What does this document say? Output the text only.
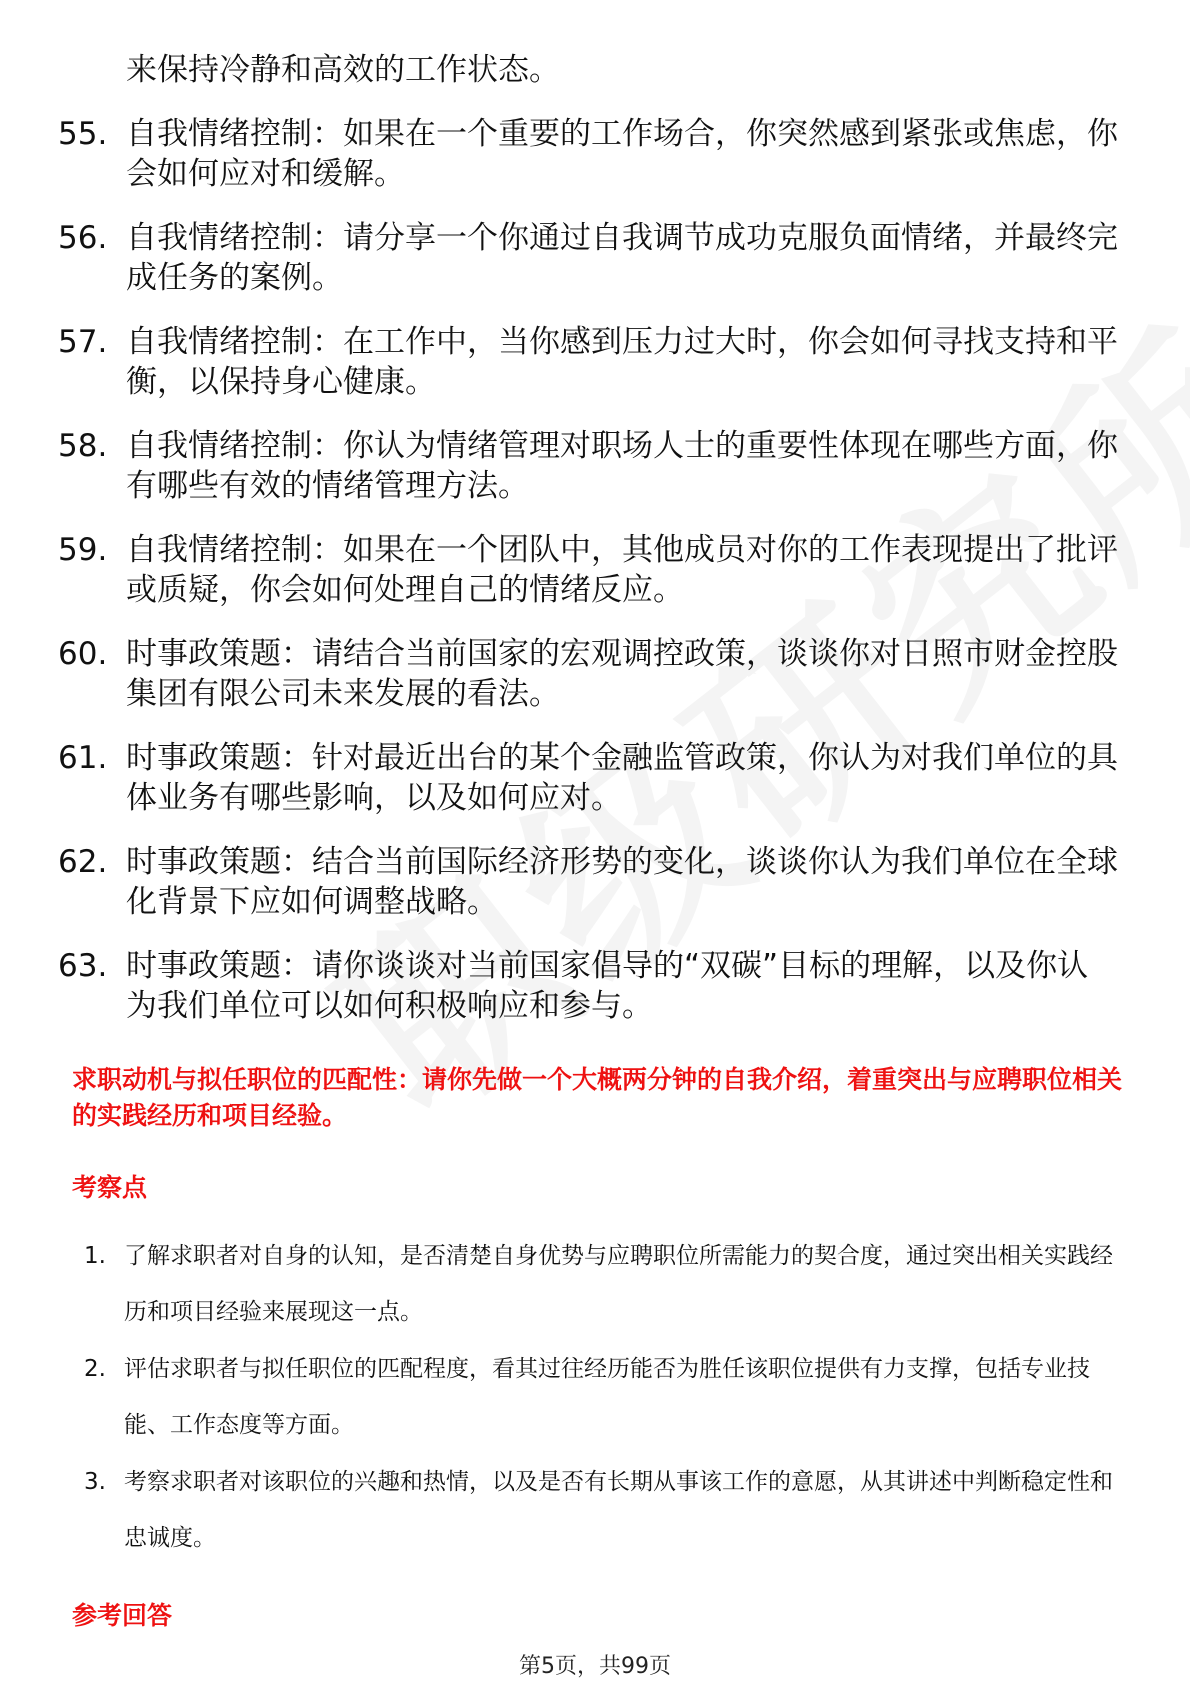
来保持冷静和高效的工作状态。
55. 自我情绪控制：如果在一个重要的工作场合，你突然感到紧张或焦虑，你会如何应对和缓解。
56. 自我情绪控制：请分享一个你通过自我调节成功克服负面情绪，并最终完成任务的案例。
57. 自我情绪控制：在工作中，当你感到压力过大时，你会如何寻找支持和平衡，以保持身心健康。
58. 自我情绪控制：你认为情绪管理对职场人士的重要性体现在哪些方面，你有哪些有效的情绪管理方法。
59. 自我情绪控制：如果在一个团队中，其他成员对你的工作表现提出了批评或质疑，你会如何处理自己的情绪反应。
60. 时事政策题：请结合当前国家的宏观调控政策，谈谈你对日照市财金控股集团有限公司未来发展的看法。
61. 时事政策题：针对最近出台的某个金融监管政策，你认为对我们单位的具体业务有哪些影响，以及如何应对。
62. 时事政策题：结合当前国际经济形势的变化，谈谈你认为我们单位在全球化背景下应如何调整战略。
63. 时事政策题：请你谈谈对当前国家倡导的“双碳”目标的理解，以及你认为我们单位可以如何积极响应和参与。
求职动机与拟任职位的匹配性：请你先做一个大概两分钟的自我介绍，着重突出与应聘职位相关的实践经历和项目经验。
考察点
1. 了解求职者对自身的认知，是否清楚自身优势与应聘职位所需能力的契合度，通过突出相关实践经历和项目经验来展现这一点。
2. 评估求职者与拟任职位的匹配程度，看其过往经历能否为胜任该职位提供有力支撑，包括专业技能、工作态度等方面。
3. 考察求职者对该职位的兴趣和热情，以及是否有长期从事该工作的意愿，从其讲述中判断稳定性和忠诚度。
参考回答
第5页，共99页
